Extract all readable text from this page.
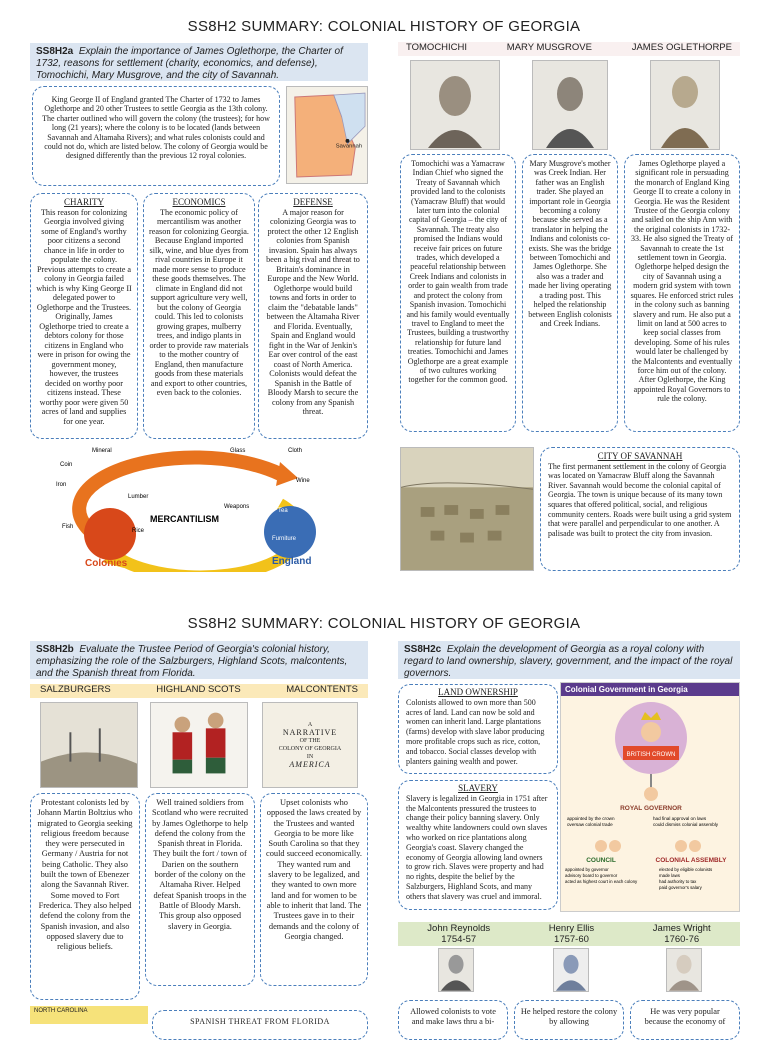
SS8H2 SUMMARY: COLONIAL HISTORY OF GEORGIA
SS8H2a Explain the importance of James Oglethorpe, the Charter of 1732, reasons for settlement (charity, economics, and defense), Tomochichi, Mary Musgrove, and the city of Savannah.
King George II of England granted The Charter of 1732 to James Oglethorpe and 20 other Trustees to settle Georgia as the 13th colony. The charter outlined who will govern the colony (the trustees); for how long (21 years); where the colony is to be located (lands between Savannah and Altamaha Rivers); and what rules colonists could and could not do, which are listed below. The colony of Georgia would be designed differently than the previous 12 royal colonies.
Savannah
CHARITY
This reason for colonizing Georgia involved giving some of England's worthy poor citizens a second chance in life in order to populate the colony. Previous attempts to create a colony in Georgia failed which is why King George II delegated power to Oglethorpe and the Trustees. Originally, James Oglethorpe tried to create a debtors colony for those citizens in England who were in prison for owing the government money, however, the trustees decided on worthy poor citizens instead. These worthy poor were given 50 acres of land and supplies for one year.
ECONOMICS
The economic policy of mercantilism was another reason for colonizing Georgia. Because England imported silk, wine, and blue dyes from rival countries in Europe it made more sense to produce these goods themselves. The climate in England did not support agriculture very well, but the colony of Georgia could. This led to colonists growing grapes, mulberry trees, and indigo plants in order to provide raw materials to the mother country of England, then manufacture goods from these materials and export to other countries, even back to the colonies.
DEFENSE
A major reason for colonizing Georgia was to protect the other 12 English colonies from Spanish invasion. Spain has always been a big rival and threat to Britain's dominance in Europe and the New World. Oglethorpe would build towns and forts in order to claim the "debatable lands" between the Altamaha River and Florida. Eventually, Spain and England would fight in the War of Jenkin's Ear over control of the east coast of North America. Colonists would defeat the Spanish in the Battle of Bloody Marsh to secure the colony from any Spanish threat.
MERCANTILISM
Colonies	England
Mineral
Coin
Iron
Fish
Lumber
Rice
Glass	Cloth
Wine
Weapons
Tea
Furniture
TOMOCHICHI	MARY MUSGROVE	JAMES OGLETHORPE
Tomochichi was a Yamacraw Indian Chief who signed the Treaty of Savannah which provided land to the colonists (Yamacraw Bluff) that would later turn into the colonial capital of Georgia – the city of Savannah. The treaty also promised the Indians would receive fair prices on future trades, which developed a peaceful relationship between Creek Indians and colonists in order to gain wealth from trade and protect the colony from Spanish invasion. Tomochichi and his family would eventually travel to England to meet the Trustees, building a trustworthy relationship for future land treaties. Tomochichi and James Oglethorpe are a great example of two cultures working together for the common good.
Mary Musgrove's mother was Creek Indian. Her father was an English trader. She played an important role in Georgia becoming a colony because she served as a translator in helping the Indians and colonists co-exists. She was the bridge between Tomochichi and James Oglethorpe. She also was a trader and made her living operating a trading post. This helped the relationship between English colonists and Creek Indians.
James Oglethorpe played a significant role in persuading the monarch of England King George II to create a colony in Georgia. He was the Resident Trustee of the Georgia colony and sailed on the ship Ann with the original colonists in 1732-33. He also signed the Treaty of Savannah to create the 1st settlement town in Georgia. Oglethorpe helped design the city of Savannah using a modern grid system with town squares. He enforced strict rules in the colony such as banning slavery and rum. He also put a limit on land at 500 acres to keep social classes from developing. Some of his rules would later be challenged by the Malcontents and eventually force him out of the colony. After Oglethorpe, the King appointed Royal Governors to rule the colony.
CITY OF SAVANNAH
The first permanent settlement in the colony of Georgia was located on Yamacraw Bluff along the Savannah River. Savannah would become the colonial capital of Georgia. The town is unique because of its many town squares that offered political, social, and religious community centers. Roads were built using a grid system that were parallel and perpendicular to one another. A palisade was built to protect the city from invasion.
SS8H2 SUMMARY: COLONIAL HISTORY OF GEORGIA
SS8H2b Evaluate the Trustee Period of Georgia's colonial history, emphasizing the role of the Salzburgers, Highland Scots, malcontents, and the Spanish threat from Florida.
SS8H2c Explain the development of Georgia as a royal colony with regard to land ownership, slavery, government, and the impact of the royal governors.
SALZBURGERS	HIGHLAND SCOTS	MALCONTENTS
A
NARRATIVE
OF THE
COLONY OF GEORGIA
IN
AMERICA
Protestant colonists led by Johann Martin Boltzius who migrated to Georgia seeking religious freedom because they were persecuted in Germany / Austria for not being Catholic. They also built the town of Ebenezer along the Savannah River. Some moved to Fort Frederica. They also helped defend the colony from the Spanish invasion, and also opposed slavery due to religious beliefs.
Well trained soldiers from Scotland who were recruited by James Oglethorpe to help defend the colony from the Spanish threat in Florida. They built the fort / town of Darien on the southern border of the colony on the Altamaha River. Helped defeat Spanish troops in the Battle of Bloody Marsh. This group also opposed slavery in Georgia.
Upset colonists who opposed the laws created by the Trustees and wanted Georgia to be more like South Carolina so that they could succeed economically. They wanted rum and slavery to be legalized, and they wanted to own more land and for women to be able to inherit that land. The Trustees gave in to their demands and the colony of Georgia changed.
NORTH CAROLINA
SPANISH THREAT FROM FLORIDA
LAND OWNERSHIP
Colonists allowed to own more than 500 acres of land. Land can now be sold and women can inherit land. Large plantations (farms) develop with slave labor producing more profitable crops such as rice, cotton, and tobacco. Social classes develop with planters gaining wealth and power.
SLAVERY
Slavery is legalized in Georgia in 1751 after the Malcontents pressured the trustees to change their policy banning slavery. Only wealthy white landowners could own slaves who worked on rice plantations along Georgia's coast. Slavery changed the economy of Georgia allowing land owners to grow rich. Slaves were property and had no rights, despite the belief by the Salzburgers, Highland Scots, and many others that slavery was cruel and immoral.
Colonial Government in Georgia
BRITISH CROWN
ROYAL GOVERNOR
appointed by the crown
oversaw colonial trade
had final approval on laws
could dismiss colonial assembly
COUNCIL	COLONIAL ASSEMBLY
appointed by governor
advisory board to governor
acted as highest court in each colony
elected by eligible colonists
made laws
had authority to tax
paid governor's salary
John Reynolds
1754-57
Henry Ellis
1757-60
James Wright
1760-76
Allowed colonists to vote and make laws thru a bi-
He helped restore the colony by allowing
He was very popular because the economy of
